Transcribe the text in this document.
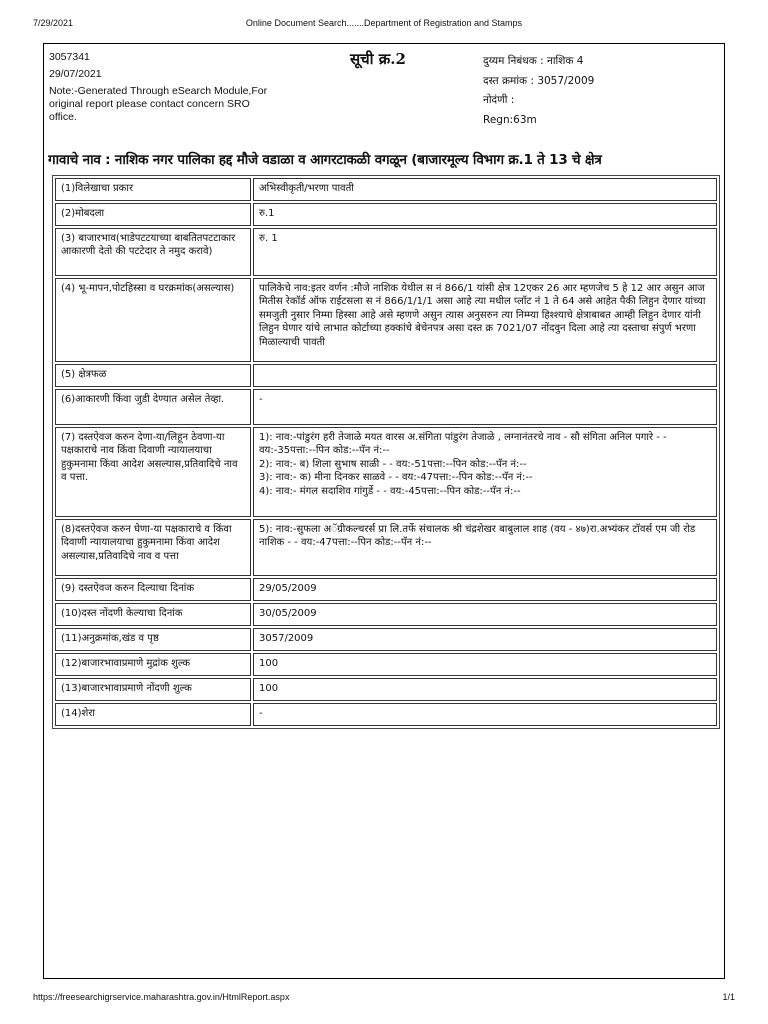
7/29/2021	Online Document Search.......Department of Registration and Stamps
3057341
29/07/2021
Note:-Generated Through eSearch Module,For original report please contact concern SRO office.
सूची क्र.2	दुय्यम निबंधक : नाशिक 4
दस्त क्रमांक : 3057/2009
नोदंणी :
Regn:63m
गावाचे नाव : नाशिक नगर पालिका हद्द मौजे वडाळा व आगरटाकळी वगळून (बाजारमूल्य विभाग क्र.1 ते 13 चे क्षेत्र
(1)विलेखाचा प्रकार	अभिस्वीकृती/भरणा पावती
(2)मोबदला	रु.1
(3) बाजारभाव(भाडेपटटयाच्या बाबतितपटटाकार आकारणी देतो की पटटेदार ते नमुद करावे)	रु. 1
(4) भू-मापन,पोटहिस्सा व घरक्रमांक(असल्यास)	पालिकेचे नाव:इतर वर्णन :मौजे नाशिक येथील स नं 866/1 यांसी क्षेत्र 12एकर 26 आर म्हणजेच 5 हे 12 आर असुन आज मितीस रेकॉर्ड ऑफ राईटसला स नं 866/1/1/1 असा आहे त्या मधील प्लॉट नं 1 ते 64 असे आहेत पैकी लिहुन देणार यांच्या समजुती नुसार निम्मा हिस्सा आहे असे म्हणणे असुन त्यास अनुसरुन त्या निम्म्या हिश्श्याचे क्षेत्राबाबत आम्ही लिहुन देणार यांनी लिहुन घेणार यांचे लाभात कोर्टाच्या हक्कांचे बेचेनपत्र असा दस्त क्र 7021/07 नोंदवुन दिला आहे त्या दस्ताचा संपुर्ण भरणा मिळाल्याची पावती
(5) क्षेत्रफळ	
(6)आकारणी किंवा जुडी देण्यात असेल तेव्हा.	-
(7) दस्तऐवज करुन देणा-या/लिहून ठेवणा-या पक्षकाराचे नाव किंवा दिवाणी न्यायालयाचा हुकुमनामा किंवा आदेश असल्यास,प्रतिवादिचे नाव व पत्ता.	1): नाव:-पांडुरंग हरी तेजाळे मयत वारस अ.संगिता पांडुरंग तेजाळे , लग्नानंतरचे नाव - सौ संगिता अनिल पगारे - - वय:-35पत्ता:--पिन कोड:--पॅन नं:--
2): नाव:- ब) शिला सुभाष साळी - - वय:-51पत्ता:--पिन कोड:--पॅन नं:--
3): नाव:- क) मीना दिनकर साळवे - - वय:-47पत्ता:--पिन कोड:--पॅन नं:--
4): नाव:- मंगल सदाशिव गांगुर्डे - - वय:-45पत्ता:--पिन कोड:--पॅन नं:--

(8)दस्तऐवज करुन घेणा-या पक्षकाराचे व किंवा दिवाणी न्यायालयाचा हुकुमनामा किंवा आदेश असल्यास,प्रतिवादिचे नाव व पत्ता	5): नाव:-सुफला अॅग्रीकल्चरर्स प्रा लि.तर्फे संचालक श्री चंद्रशेखर बाबुलाल शाह (वय - ४७)रा.अभ्यंकर टॉवर्स एम जी रोड नाशिक - - वय:-47पत्ता:--पिन कोड:--पॅन नं:--
(9) दस्तऐवज करुन दिल्याचा दिनांक	29/05/2009
(10)दस्त नोंदणी केल्याचा दिनांक	30/05/2009
(11)अनुक्रमांक,खंड व पृष्ठ	3057/2009
(12)बाजारभावाप्रमाणे मुद्रांक शुल्क	100
(13)बाजारभावाप्रमाणे नोंदणी शुल्क	100
(14)शेरा	-
https://freesearchigrservice.maharashtra.gov.in/HtmlReport.aspx	1/1
